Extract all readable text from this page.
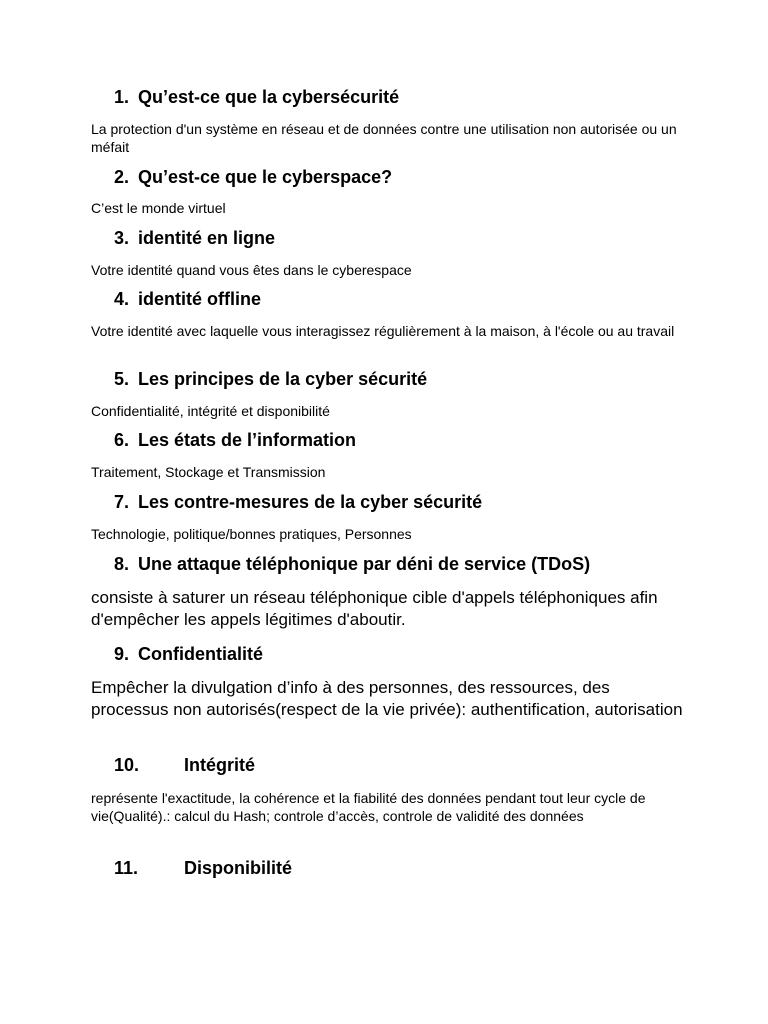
1. Qu’est-ce que la cybersécurité
La protection d'un système en réseau et de données contre une utilisation non autorisée ou un méfait
2. Qu’est-ce que le cyberspace?
C’est le monde virtuel
3. identité en ligne
Votre identité quand vous êtes dans le cyberespace
4. identité offline
Votre identité avec laquelle vous interagissez régulièrement à la maison, à l'école ou au travail
5. Les principes de la cyber sécurité
Confidentialité, intégrité et disponibilité
6. Les états de l’information
Traitement, Stockage et Transmission
7. Les contre-mesures de la cyber sécurité
Technologie, politique/bonnes pratiques, Personnes
8. Une attaque téléphonique par déni de service (TDoS)
consiste à saturer un réseau téléphonique cible d'appels téléphoniques afin d'empêcher les appels légitimes d'aboutir.
9. Confidentialité
Empêcher la divulgation d’info à des personnes, des ressources, des processus non autorisés(respect de la vie privée): authentification, autorisation
10. Intégrité
représente l'exactitude, la cohérence et la fiabilité des données pendant tout leur cycle de vie(Qualité).: calcul du Hash; controle d’accès, controle de validité des données
11.	Disponibilité
